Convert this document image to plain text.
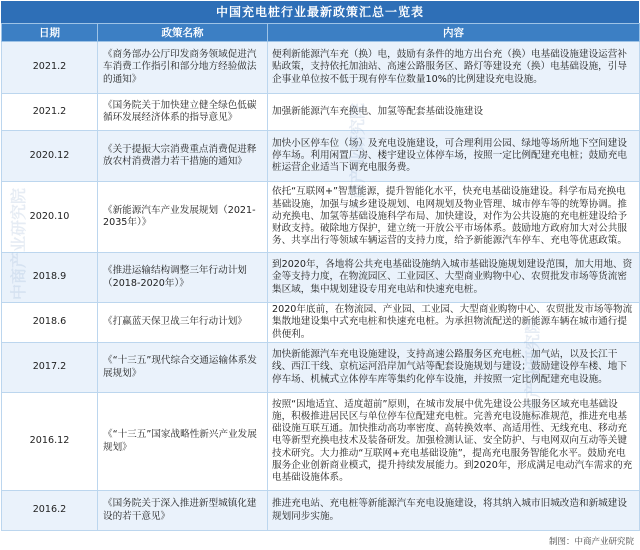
中国充电桩行业最新政策汇总一览表
日期	政策名称	内容
2021.2	《商务部办公厅印发商务领域促进汽车消费工作指引和部分地方经验做法的通知》	便利新能源汽车充（换）电，鼓励有条件的地方出台充（换）电基础设施建设运营补贴政策，支持依托加油站、高速公路服务区、路灯等建设充（换）电基础设施，引导企事业单位按不低于现有停车位数量10%的比例建设充电设施。
2021.2	《国务院关于加快建立健全绿色低碳循环发展经济体系的指导意见》	加强新能源汽车充换电、加氢等配套基础设施建设
2020.12	《关于提振大宗消费重点消费促进释放农村消费潜力若干措施的通知》	加快小区停车位（场）及充电设施建设，可合理利用公园、绿地等场所地下空间建设停车场。利用闲置厂房、楼宇建设立体停车场，按照一定比例配建充电桩；鼓励充电桩运营企业适当下调充电服务费。
2020.10	《新能源汽车产业发展规划（2021-2035年）》	依托“互联网+”智慧能源，提升智能化水平，快充电基础设施建设。科学布局充换电基础设施，加强与城乡建设规划、电网规划及物业管理、城市停车等的统筹协调。推动充换电、加氢等基础设施科学布局、加快建设，对作为公共设施的充电桩建设给予财政支持。破除地方保护，建立统一开放公平市场体系。鼓励地方政府加大对公共服务、共享出行等领域车辆运营的支持力度，给予新能源汽车停车、充电等优惠政策。
2018.9	《推进运输结构调整三年行动计划（2018-2020年）》	到2020年，各地将公共充电基础设施纳入城市基础设施规划建设范围，加大用地、资金等支持力度，在物流园区、工业园区、大型商业购物中心、农贸批发市场等货流密集区域，集中规划建设专用充电站和快速充电桩。
2018.6	《打赢蓝天保卫战三年行动计划》	2020年底前，在物流园、产业园、工业园、大型商业购物中心、农贸批发市场等物流集散地建设集中式充电桩和快速充电桩。为承担物流配送的新能源车辆在城市通行提供便利。
2017.2	《“十三五”现代综合交通运输体系发展规划》	加快新能源汽车充电设施建设，支持高速公路服务区充电桩、加气站，以及长江干线、西江干线、京杭运河沿岸加气站等配套设施规划与建设；鼓励建设停车楼、地下停车场、机械式立体停车库等集约化停车设施，并按照一定比例配建充电设施。
2016.12	《“十三五”国家战略性新兴产业发展规划》	按照“因地适宜、适度超前”原则，在城市发展中优先建设公共服务区域充电基础设施，积极推进居民区与单位停车位配建充电桩。完善充电设施标准规范，推进充电基础设施互联互通。加快推动高功率密度、高转换效率、高适用性、无线充电、移动充电等新型充换电技术及装备研发。加强检测认证、安全防护、与电网双向互动等关键技术研究。大力推动“互联网+充电基础设施”，提高充电服务智能化水平。鼓励充电服务企业创新商业模式，提升持续发展能力。到2020年，形成满足电动汽车需求的充电基础设施体系。
2016.2	《国务院关于深入推进新型城镇化建设的若干意见》	推进充电站、充电桩等新能源汽车充电设施建设，将其纳入城市旧城改造和新城建设规划同步实施。
中商产业研究院
中商产业研究院
中商产业研究院
制图：中商产业研究院
